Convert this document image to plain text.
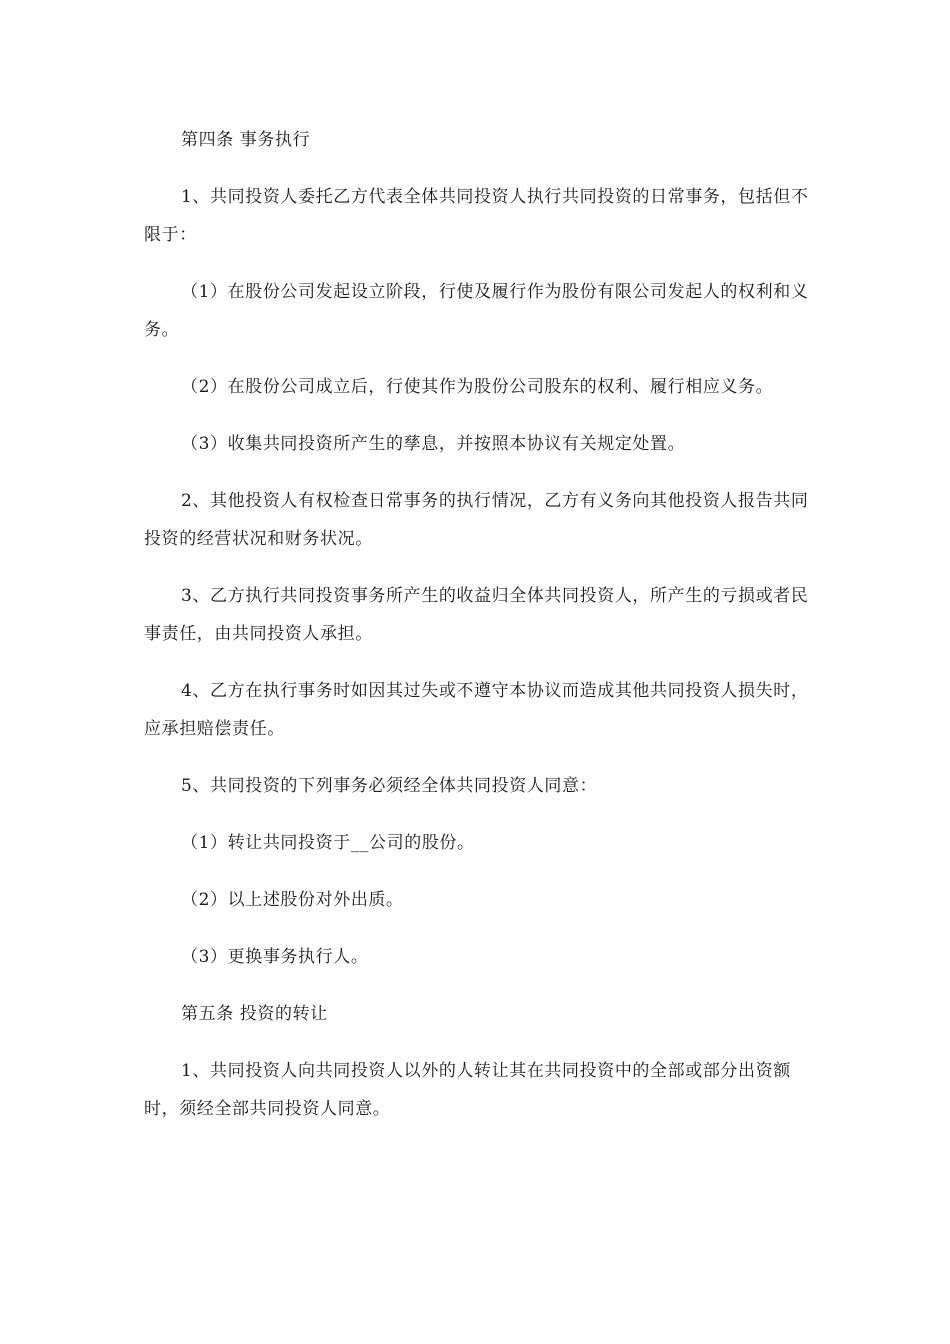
第四条 事务执行

1、共同投资人委托乙方代表全体共同投资人执行共同投资的日常事务，包括但不限于：

（1）在股份公司发起设立阶段，行使及履行作为股份有限公司发起人的权利和义务。

（2）在股份公司成立后，行使其作为股份公司股东的权利、履行相应义务。

（3）收集共同投资所产生的孳息，并按照本协议有关规定处置。

2、其他投资人有权检查日常事务的执行情况，乙方有义务向其他投资人报告共同投资的经营状况和财务状况。

3、乙方执行共同投资事务所产生的收益归全体共同投资人，所产生的亏损或者民事责任，由共同投资人承担。

4、乙方在执行事务时如因其过失或不遵守本协议而造成其他共同投资人损失时，应承担赔偿责任。

5、共同投资的下列事务必须经全体共同投资人同意：

（1）转让共同投资于__公司的股份。

（2）以上述股份对外出质。

（3）更换事务执行人。

第五条 投资的转让

1、共同投资人向共同投资人以外的人转让其在共同投资中的全部或部分出资额时，须经全部共同投资人同意。
